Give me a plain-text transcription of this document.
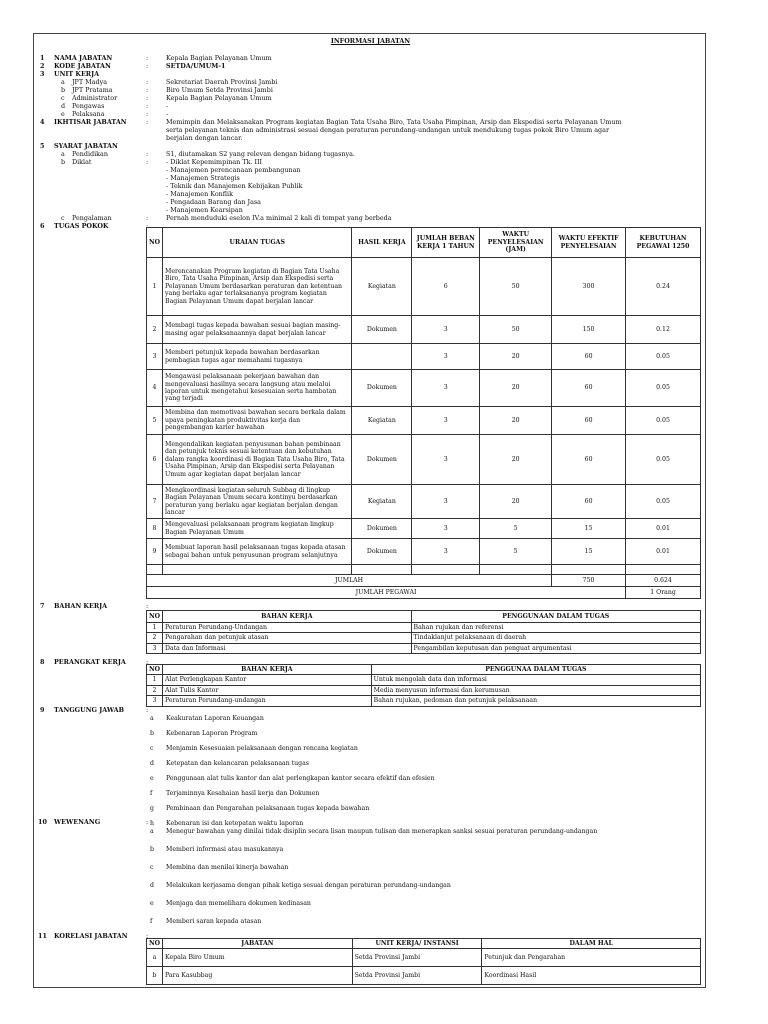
INFORMASI JABATAN
1 NAMA JABATAN	:	Kepala Bagian Pelayanan Umum
2 KODE JABATAN	:	SETDA/UMUM-1
3 UNIT KERJA
a JPT Madya	:	Sekretariat Daerah Provinsi Jambi
b JPT Pratama	:	Biro Umum Setda Provinsi Jambi
c Administrator	:	Kepala Bagian Pelayanan Umum
d Pengawas	:	-
e Pelaksana	:	-
4 IKHTISAR JABATAN	:	Memimpin dan Melaksanakan Program kegiatan Bagian Tata Usaha Biro, Tata Usaha Pimpinan, Arsip dan Ekspedisi serta Pelayanan Umum
serta pelayanan teknis dan administrasi sesuai dengan peraturan perundang-undangan untuk mendukung tugas pokok Biro Umum agar
berjalan dengan lancar.
5 SYARAT JABATAN
a Pendidikan	:	S1, diutamakan S2 yang relevan dengan bidang tugasnya.
b Diklat	:	- Diklat Kepemimpinan Tk. III
- Manajemen perencanaan pembangunan
- Manajemen Strategis
- Teknik dan Manajemen Kebijakan Publik
- Manajemen Konflik
- Pengadaan Barang dan Jasa
- Manajemen Kearsipan
c Pengalaman	:	Pernah menduduki eselon IV.a minimal 2 kali di tempat yang berbeda
6 TUGAS POKOK	:
NO	URAIAN TUGAS	HASIL KERJA	JUMLAH BEBAN KERJA 1 TAHUN	WAKTU PENYELESAIAN (JAM)	WAKTU EFEKTIF PENYELESAIAN	KEBUTUHAN PEGAWAI 1250
1	Merencanakan Program kegiatan di Bagian Tata Usaha Biro, Tata Usaha Pimpinan, Arsip dan Ekspedisi serta Pelayanan Umum berdasarkan peraturan dan ketentuan yang berlaku agar terlaksananya program kegiatan Bagian Pelayanan Umum dapat berjalan lancar	Kegiatan	6	50	300	0.24
2	Membagi tugas kepada bawahan sesuai bagian masing-masing agar pelaksanaannya dapat berjalan lancar	Dokumen	3	50	150	0.12
3	Memberi petunjuk kepada bawahan berdasarkan pembagian tugas agar memahami tugasnya		3	20	60	0.05
4	Mengawasi pelaksanaan pekerjaan bawahan dan mengevaluasi hasilnya secara langsung atau melalui laporan untuk mengetahui kesesuaian serta hambatan yang terjadi	Dokumen	3	20	60	0.05
5	Membina dan memotivasi bawahan secara berkala dalam upaya peningkatan produktivitas kerja dan pengembangan karier bawahan	Kegiatan	3	20	60	0.05
6	Mengendalikan kegiatan penyusunan bahan pembinaan dan petunjuk teknis sesuai ketentuan dan kebutuhan dalam rangka koordinasi di Bagian Tata Usaha Biro, Tata Usaha Pimpinan, Arsip dan Ekspedisi serta Pelayanan Umum agar kegiatan dapat berjalan lancar	Dokumen	3	20	60	0.05
7	Mengkoordinasi kegiatan seluruh Subbag di lingkup Bagian Pelayanan Umum secara kontinyu berdasarkan peraturan yang berlaku agar kegiatan berjalan dengan lancar	Kegiatan	3	20	60	0.05
8	Mengevaluasi pelaksanaan program kegiatan lingkup Bagian Pelayanan Umum	Dokumen	3	5	15	0.01
9	Membuat laporan hasil pelaksanaan tugas kepada atasan sebagai bahan untuk penyusunan program selanjutnya	Dokumen	3	5	15	0.01

JUMLAH					750	0.624
JUMLAH PEGAWAI						1 Orang
7 BAHAN KERJA	:
NO	BAHAN KERJA	PENGGUNAAN DALAM TUGAS
1	Peraturan Perundang-Undangan	Bahan rujukan dan referensi
2	Pengarahan dan petunjuk atasan	Tindaklanjut pelaksanaan di daerah
3	Data dan Informasi	Pengambilan keputusan dan penguat argumentasi
8 PERANGKAT KERJA	:
NO	BAHAN KERJA	PENGGUNAA DALAM TUGAS
1	Alat Perlengkapan Kantor	Untuk mengolah data dan informasi
2	Alat Tulis Kantor	Media menyusun informasi dan kerumusan
3	Peraturan Perundang-undangan	Bahan rujukan, pedoman dan petunjuk pelaksanaan
9 TANGGUNG JAWAB	:
a Keakuratan Laporan Keuangan
b Kebenaran Laporan Program
c Menjamin Kesesuaian pelaksanaan dengan rencana kegiatan
d Ketepatan dan kelancaran pelaksanaan tugas
e Penggunaan alat tulis kantor dan alat perlengkapan kantor secara efektif dan efesien
f Terjaminnya Kesahaian hasil kerja dan Dokumen
g Pembinaan dan Pengarahan pelaksanaan tugas kepada bawahan
h Kebenaran isi dan ketepatan waktu laporan
10 WEWENANG	:
a Menegur bawahan yang dinilai tidak disiplin secara lisan maupun tulisan dan menerapkan sanksi sesuai peraturan perundang-undangan
b Memberi informasi atau masukannya
c Membina dan menilai kinerja bawahan
d Melakukan kerjasama dengan pihak ketiga sesuai dengan peraturan perundang-undangan
e Menjaga dan memelihara dokumen kedinasan
f Memberi saran kepada atasan
11 KORELASI JABATAN	:
NO	JABATAN	UNIT KERJA/ INSTANSI	DALAM HAL
a	Kepala Biro Umum	Setda Provinsi Jambi	Petunjuk dan Pengarahan
b	Para Kasubbag	Setda Provinsi Jambi	Koordinasi Hasil
